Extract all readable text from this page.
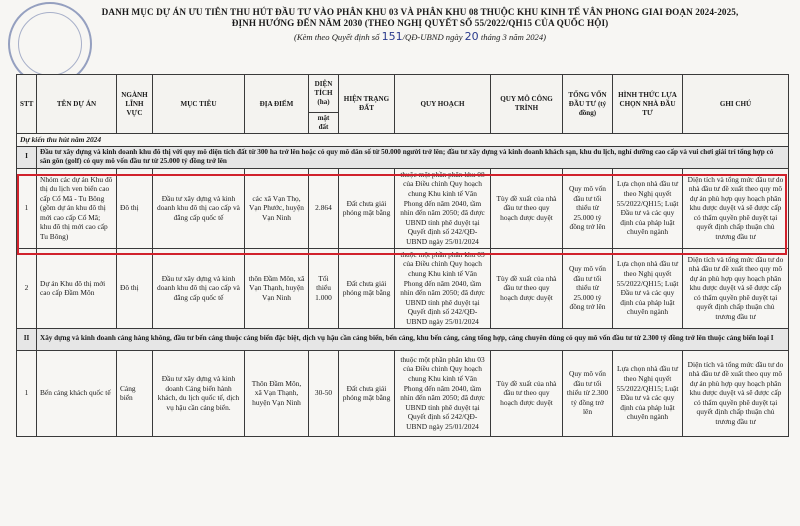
DANH MỤC DỰ ÁN ƯU TIÊN THU HÚT ĐẦU TƯ VÀO PHÂN KHU 03 VÀ PHÂN KHU 08 THUỘC KHU KINH TẾ VÂN PHONG GIAI ĐOẠN 2024-2025,
ĐỊNH HƯỚNG ĐẾN NĂM 2030 (THEO NGHỊ QUYẾT SỐ 55/2022/QH15 CỦA QUỐC HỘI)
(Kèm theo Quyết định số 151/QĐ-UBND ngày 20 tháng 3 năm 2024)
STT	TÊN DỰ ÁN	NGÀNH LĨNH VỰC	MỤC TIÊU	ĐỊA ĐIỂM	DIỆN TÍCH (ha)	HIỆN TRẠNG ĐẤT	QUY HOẠCH	QUY MÔ CÔNG TRÌNH	TỔNG VỐN ĐẦU TƯ (tỷ đồng)	HÌNH THỨC LỰA CHỌN NHÀ ĐẦU TƯ	GHI CHÚ
					mặt đất						
Dự kiến thu hút năm 2024											
I	Đầu tư xây dựng và kinh doanh khu đô thị với quy mô diện tích đất từ 300 ha trở lên hoặc có quy mô dân số từ 50.000 người trở lên; đầu tư xây dựng và kinh doanh khách sạn, khu du lịch, nghỉ dưỡng cao cấp và vui chơi giải trí tổng hợp có sân gôn (golf) có quy mô vốn đầu tư từ 25.000 tỷ đồng trở lên										
1	Nhóm các dự án Khu đô thị du lịch ven biển cao cấp Cổ Mã - Tu Bông (gồm dự án khu đô thị mới cao cấp Cổ Mã; khu đô thị mới cao cấp Tu Bông)	Đô thị	Đầu tư xây dựng và kinh doanh khu đô thị cao cấp và đẳng cấp quốc tế	các xã Vạn Thọ, Vạn Phước, huyện Vạn Ninh	2.864	Đất chưa giải phóng mặt bằng	thuộc một phần phân khu 08 của Điều chỉnh Quy hoạch chung Khu kinh tế Vân Phong đến năm 2040, tầm nhìn đến năm 2050; đã được UBND tỉnh phê duyệt tại Quyết định số 242/QĐ-UBND ngày 25/01/2024	Tùy đề xuất của nhà đầu tư theo quy hoạch được duyệt	Quy mô vốn đầu tư tối thiểu từ 25.000 tỷ đồng trở lên	Lựa chọn nhà đầu tư theo Nghị quyết 55/2022/QH15; Luật Đầu tư và các quy định của pháp luật chuyên ngành	Diện tích và tổng mức đầu tư do nhà đầu tư đề xuất theo quy mô dự án phù hợp quy hoạch phân khu được duyệt và sẽ được cấp có thẩm quyền phê duyệt tại quyết định chấp thuận chủ trương đầu tư
2	Dự án Khu đô thị mới cao cấp Đầm Môn	Đô thị	Đầu tư xây dựng và kinh doanh khu đô thị cao cấp và đẳng cấp quốc tế	thôn Đầm Môn, xã Vạn Thạnh, huyện Vạn Ninh	Tối thiểu 1.000	Đất chưa giải phóng mặt bằng	thuộc một phần phân khu 03 của Điều chỉnh Quy hoạch chung Khu kinh tế Vân Phong đến năm 2040, tầm nhìn đến năm 2050; đã được UBND tỉnh phê duyệt tại Quyết định số 242/QĐ-UBND ngày 25/01/2024	Tùy đề xuất của nhà đầu tư theo quy hoạch được duyệt	Quy mô vốn đầu tư tối thiểu từ 25.000 tỷ đồng trở lên	Lựa chọn nhà đầu tư theo Nghị quyết 55/2022/QH15; Luật Đầu tư và các quy định của pháp luật chuyên ngành	Diện tích và tổng mức đầu tư do nhà đầu tư đề xuất theo quy mô dự án phù hợp quy hoạch phân khu được duyệt và sẽ được cấp có thẩm quyền phê duyệt tại quyết định chấp thuận chủ trương đầu tư
II	Xây dựng và kinh doanh cảng hàng không, đầu tư bến cảng thuộc cảng biển đặc biệt, dịch vụ hậu cần cảng biển, bến cảng, khu bến cảng, cảng tổng hợp, cảng chuyên dùng có quy mô vốn đầu tư từ 2.300 tỷ đồng trở lên thuộc cảng biển loại I										
1	Bến cảng khách quốc tế	Cảng biển	Đầu tư xây dựng và kinh doanh Cảng biển hành khách, du lịch quốc tế, dịch vụ hậu cần cảng biển.	Thôn Đầm Môn, xã Vạn Thạnh, huyện Vạn Ninh	30-50	Đất chưa giải phóng mặt bằng	thuộc một phần phân khu 03 của Điều chỉnh Quy hoạch chung Khu kinh tế Vân Phong đến năm 2040, tầm nhìn đến năm 2050; đã được UBND tỉnh phê duyệt tại Quyết định số 242/QĐ-UBND ngày 25/01/2024	Tùy đề xuất của nhà đầu tư theo quy hoạch được duyệt	Quy mô vốn đầu tư tối thiểu từ 2.300 tỷ đồng trở lên	Lựa chọn nhà đầu tư theo Nghị quyết 55/2022/QH15; Luật Đầu tư và các quy định của pháp luật chuyên ngành	Diện tích và tổng mức đầu tư do nhà đầu tư đề xuất theo quy mô dự án phù hợp quy hoạch phân khu được duyệt và sẽ được cấp có thẩm quyền phê duyệt tại quyết định chấp thuận chủ trương đầu tư
